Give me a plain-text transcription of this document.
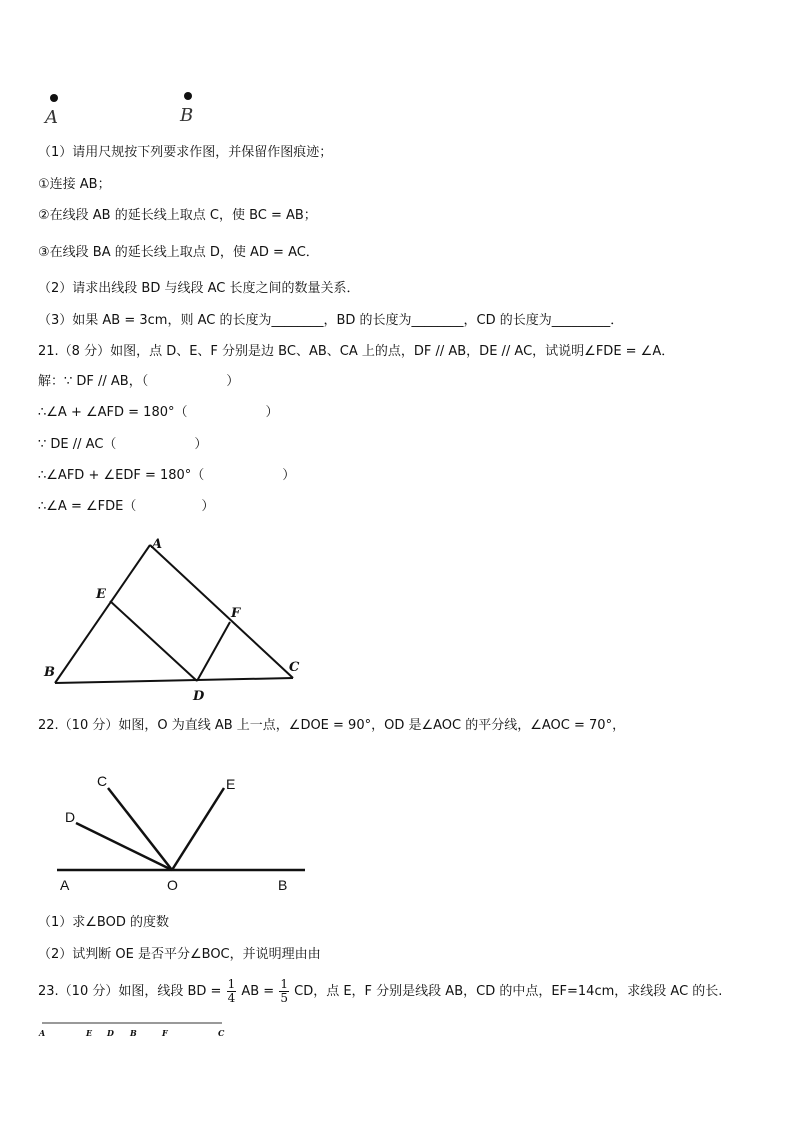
A	B
（1）请用尺规按下列要求作图，并保留作图痕迹；
①连接 AB；
②在线段 AB 的延长线上取点 C，使 BC = AB；
③在线段 BA 的延长线上取点 D，使 AD = AC．
（2）请求出线段 BD 与线段 AC 长度之间的数量关系．
（3）如果 AB = 3cm，则 AC 的长度为________，BD 的长度为________，CD 的长度为_________．
21.（8 分）如图，点 D、E、F 分别是边 BC、AB、CA 上的点，DF // AB，DE // AC，试说明∠FDE = ∠A．
解：∵ DF // AB，（　　　　　　）
∴∠A + ∠AFD = 180°（　　　　　　）
∵ DE // AC（　　　　　　）
∴∠AFD + ∠EDF = 180°（　　　　　　）
∴∠A = ∠FDE（　　　　　）
A
E
F
B	C
D
22.（10 分）如图，O 为直线 AB 上一点，∠DOE = 90°，OD 是∠AOC 的平分线，∠AOC = 70°，
C	E
D
A	O	B
（1）求∠BOD 的度数
（2）试判断 OE 是否平分∠BOC，并说明理由由
23.（10 分）如图，线段 BD = $\frac{1}{4}$ AB = $\frac{1}{5}$ CD，点 E，F 分别是线段 AB，CD 的中点，EF=14cm，求线段 AC 的长.
A	E D B	F	C
